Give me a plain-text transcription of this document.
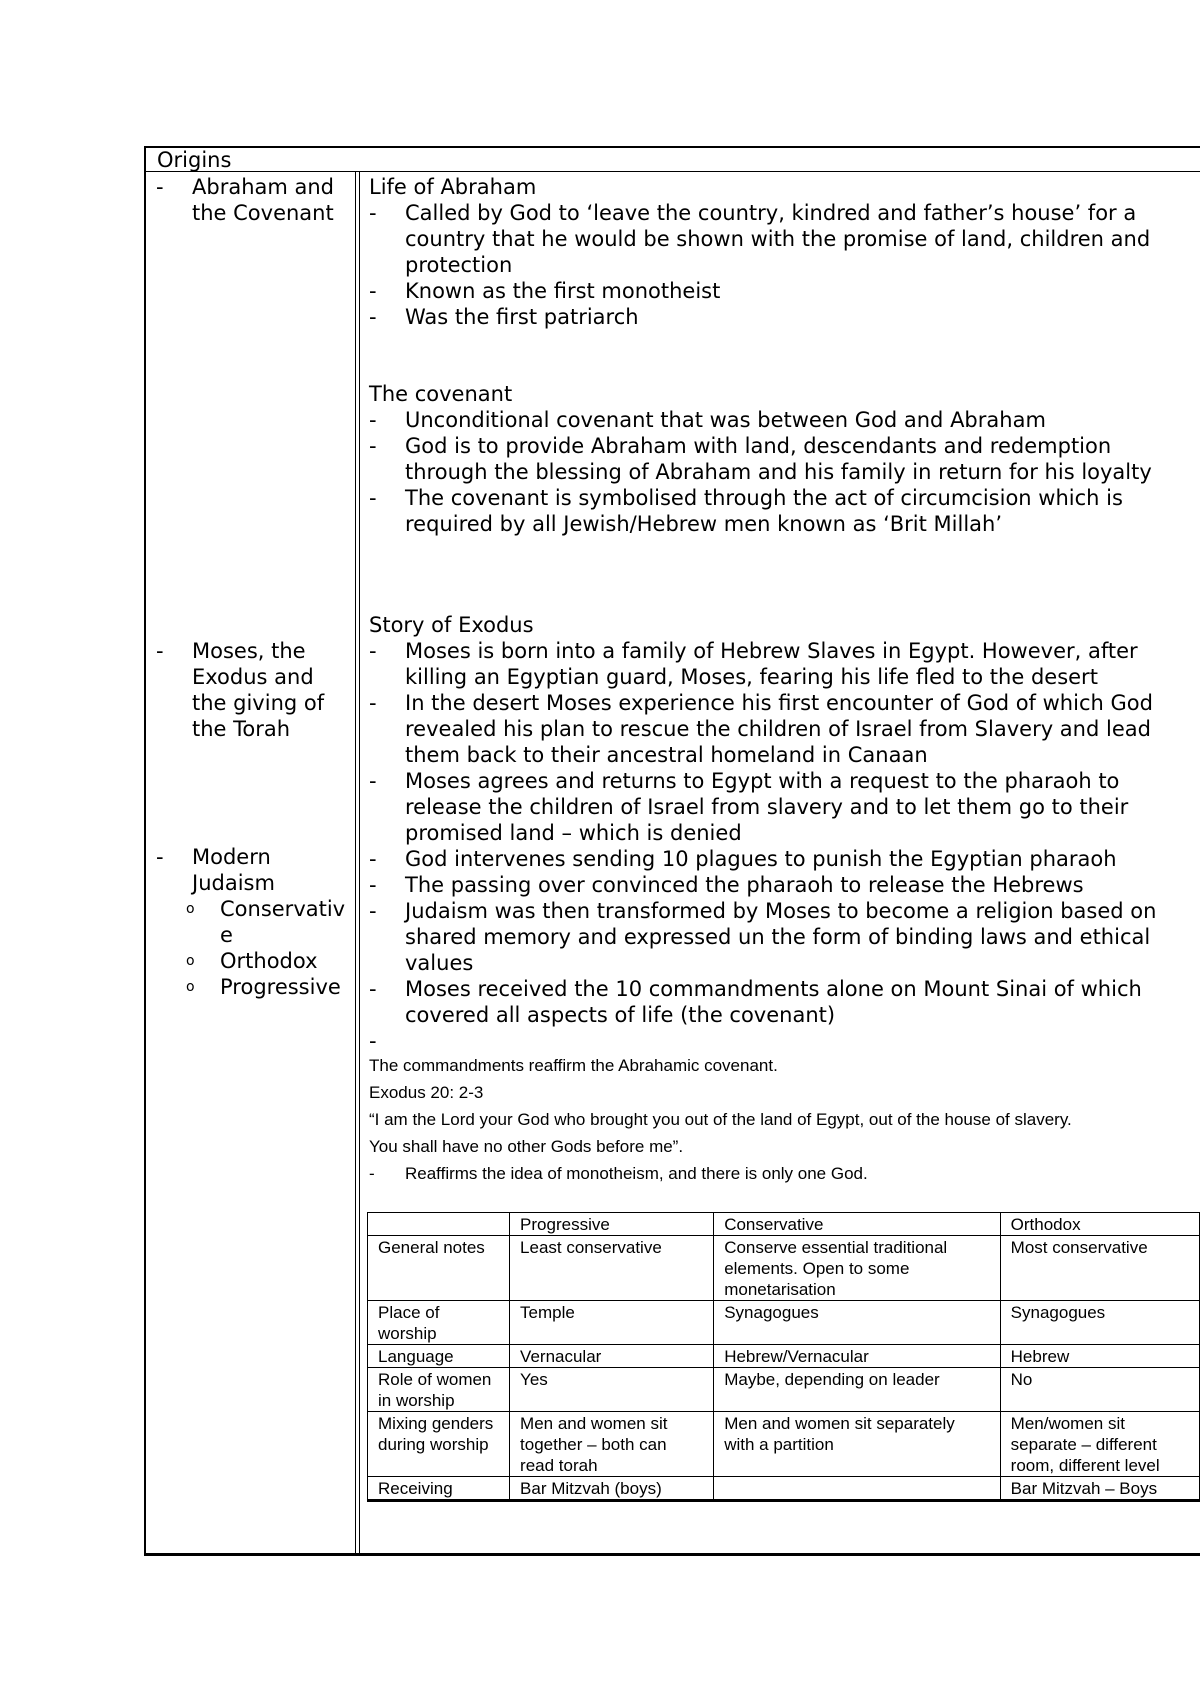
Origins
- Abraham and the Covenant
- Moses, the Exodus and the giving of the Torah
- Modern Judaism
o Conservative
o Orthodox
o Progressive
Life of Abraham
- Called by God to ‘leave the country, kindred and father’s house’ for a
country that he would be shown with the promise of land, children and
protection
- Known as the first monotheist
- Was the first patriarch
The covenant
- Unconditional covenant that was between God and Abraham
- God is to provide Abraham with land, descendants and redemption
through the blessing of Abraham and his family in return for his loyalty
- The covenant is symbolised through the act of circumcision which is
required by all Jewish/Hebrew men known as ‘Brit Millah’
Story of Exodus
- Moses is born into a family of Hebrew Slaves in Egypt. However, after
killing an Egyptian guard, Moses, fearing his life fled to the desert
- In the desert Moses experience his first encounter of God of which God
revealed his plan to rescue the children of Israel from Slavery and lead
them back to their ancestral homeland in Canaan
- Moses agrees and returns to Egypt with a request to the pharaoh to
release the children of Israel from slavery and to let them go to their
promised land – which is denied
- God intervenes sending 10 plagues to punish the Egyptian pharaoh
- The passing over convinced the pharaoh to release the Hebrews
- Judaism was then transformed by Moses to become a religion based on
shared memory and expressed un the form of binding laws and ethical
values
- Moses received the 10 commandments alone on Mount Sinai of which
covered all aspects of life (the covenant)
-
The commandments reaffirm the Abrahamic covenant.
Exodus 20: 2-3
“I am the Lord your God who brought you out of the land of Egypt, out of the house of slavery.
You shall have no other Gods before me”.
- Reaffirms the idea of monotheism, and there is only one God.
	Progressive	Conservative	Orthodox
General notes	Least conservative	Conserve essential traditional elements. Open to some monetarisation	Most conservative
Place of worship	Temple	Synagogues	Synagogues
Language	Vernacular	Hebrew/Vernacular	Hebrew
Role of women in worship	Yes	Maybe, depending on leader	No
Mixing genders during worship	Men and women sit together – both can read torah	Men and women sit separately with a partition	Men/women sit separate – different room, different level
Receiving	Bar Mitzvah (boys)		Bar Mitzvah – Boys
